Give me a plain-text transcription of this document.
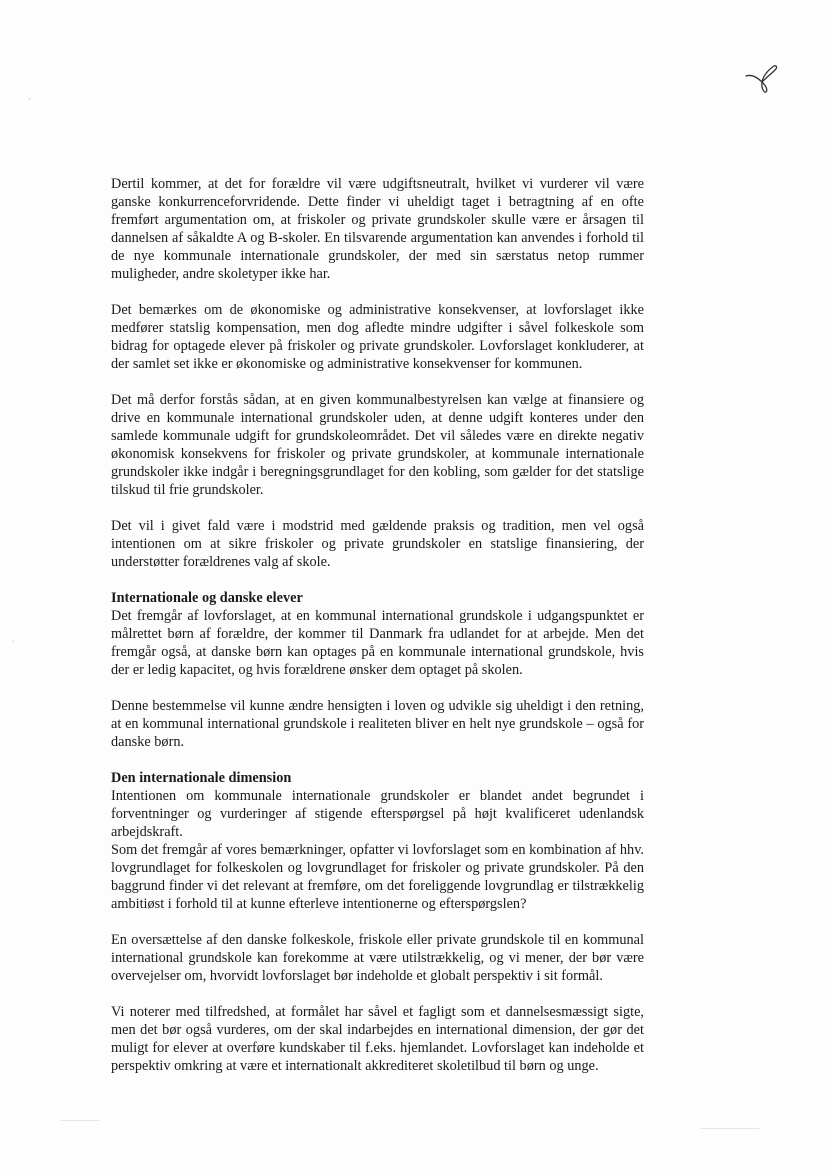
Dertil kommer, at det for forældre vil være udgiftsneutralt, hvilket vi vurderer vil være ganske konkurrenceforvridende. Dette finder vi uheldigt taget i betragtning af en ofte fremført argumentation om, at friskoler og private grundskoler skulle være er årsagen til dannelsen af såkaldte A og B-skoler. En tilsvarende argumentation kan anvendes i forhold til de nye kommunale internationale grundskoler, der med sin særstatus netop rummer muligheder, andre skoletyper ikke har.

Det bemærkes om de økonomiske og administrative konsekvenser, at lovforslaget ikke medfører statslig kompensation, men dog afledte mindre udgifter i såvel folkeskole som bidrag for optagede elever på friskoler og private grundskoler. Lovforslaget konkluderer, at der samlet set ikke er økonomiske og administrative konsekvenser for kommunen.

Det må derfor forstås sådan, at en given kommunalbestyrelsen kan vælge at finansiere og drive en kommunale international grundskoler uden, at denne udgift konteres under den samlede kommunale udgift for grundskoleområdet. Det vil således være en direkte negativ økonomisk konsekvens for friskoler og private grundskoler, at kommunale internationale grundskoler ikke indgår i beregningsgrundlaget for den kobling, som gælder for det statslige tilskud til frie grundskoler.

Det vil i givet fald være i modstrid med gældende praksis og tradition, men vel også intentionen om at sikre friskoler og private grundskoler en statslige finansiering, der understøtter forældrenes valg af skole.

Internationale og danske elever

Det fremgår af lovforslaget, at en kommunal international grundskole i udgangspunktet er målrettet børn af forældre, der kommer til Danmark fra udlandet for at arbejde. Men det fremgår også, at danske børn kan optages på en kommunale international grundskole, hvis der er ledig kapacitet, og hvis forældrene ønsker dem optaget på skolen.

Denne bestemmelse vil kunne ændre hensigten i loven og udvikle sig uheldigt i den retning, at en kommunal international grundskole i realiteten bliver en helt nye grundskole – også for danske børn.

Den internationale dimension

Intentionen om kommunale internationale grundskoler er blandet andet begrundet i forventninger og vurderinger af stigende efterspørgsel på højt kvalificeret udenlandsk arbejdskraft.

Som det fremgår af vores bemærkninger, opfatter vi lovforslaget som en kombination af hhv. lovgrundlaget for folkeskolen og lovgrundlaget for friskoler og private grundskoler. På den baggrund finder vi det relevant at fremføre, om det foreliggende lovgrundlag er tilstrækkelig ambitiøst i forhold til at kunne efterleve intentionerne og efterspørgslen?

En oversættelse af den danske folkeskole, friskole eller private grundskole til en kommunal international grundskole kan forekomme at være utilstrækkelig, og vi mener, der bør være overvejelser om, hvorvidt lovforslaget bør indeholde et globalt perspektiv i sit formål.

Vi noterer med tilfredshed, at formålet har såvel et fagligt som et dannelsesmæssigt sigte, men det bør også vurderes, om der skal indarbejdes en international dimension, der gør det muligt for elever at overføre kundskaber til f.eks. hjemlandet. Lovforslaget kan indeholde et perspektiv omkring at være et internationalt akkrediteret skoletilbud til børn og unge.
